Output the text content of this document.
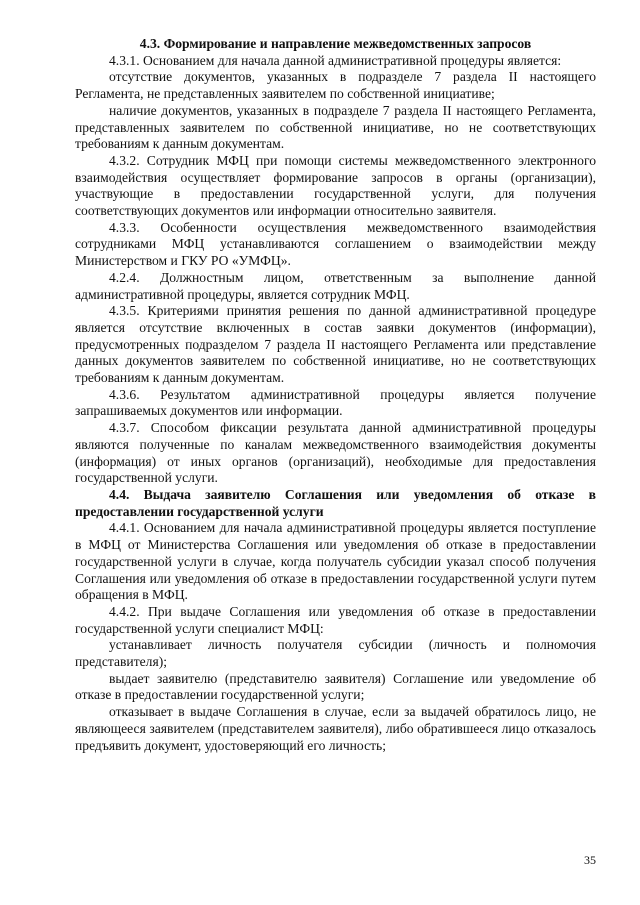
4.3. Формирование и направление межведомственных запросов

4.3.1. Основанием для начала данной административной процедуры является:

отсутствие документов, указанных в подразделе 7 раздела II настоящего Регламента, не представленных заявителем по собственной инициативе;

наличие документов, указанных в подразделе 7 раздела II настоящего Регламента, представленных заявителем по собственной инициативе, но не соответствующих требованиям к данным документам.

4.3.2. Сотрудник МФЦ при помощи системы межведомственного электронного взаимодействия осуществляет формирование запросов в органы (организации), участвующие в предоставлении государственной услуги, для получения соответствующих документов или информации относительно заявителя.

4.3.3. Особенности осуществления межведомственного взаимодействия сотрудниками МФЦ устанавливаются соглашением о взаимодействии между Министерством и ГКУ РО «УМФЦ».

4.2.4. Должностным лицом, ответственным за выполнение данной административной процедуры, является сотрудник МФЦ.

4.3.5. Критериями принятия решения по данной административной процедуре является отсутствие включенных в состав заявки документов (информации), предусмотренных подразделом 7 раздела II настоящего Регламента или представление данных документов заявителем по собственной инициативе, но не соответствующих требованиям к данным документам.

4.3.6. Результатом административной процедуры является получение запрашиваемых документов или информации.

4.3.7. Способом фиксации результата данной административной процедуры являются полученные по каналам межведомственного взаимодействия документы (информация) от иных органов (организаций), необходимые для предоставления государственной услуги.

4.4. Выдача заявителю Соглашения или уведомления об отказе в предоставлении государственной услуги

4.4.1. Основанием для начала административной процедуры является поступление в МФЦ от Министерства Соглашения или уведомления об отказе в предоставлении государственной услуги в случае, когда получатель субсидии указал способ получения Соглашения или уведомления об отказе в предоставлении государственной услуги путем обращения в МФЦ.

4.4.2. При выдаче Соглашения или уведомления об отказе в предоставлении государственной услуги специалист МФЦ:

устанавливает личность получателя субсидии (личность и полномочия представителя);

выдает заявителю (представителю заявителя) Соглашение или уведомление об отказе в предоставлении государственной услуги;

отказывает в выдаче Соглашения в случае, если за выдачей обратилось лицо, не являющееся заявителем (представителем заявителя), либо обратившееся лицо отказалось предъявить документ, удостоверяющий его личность;

35
